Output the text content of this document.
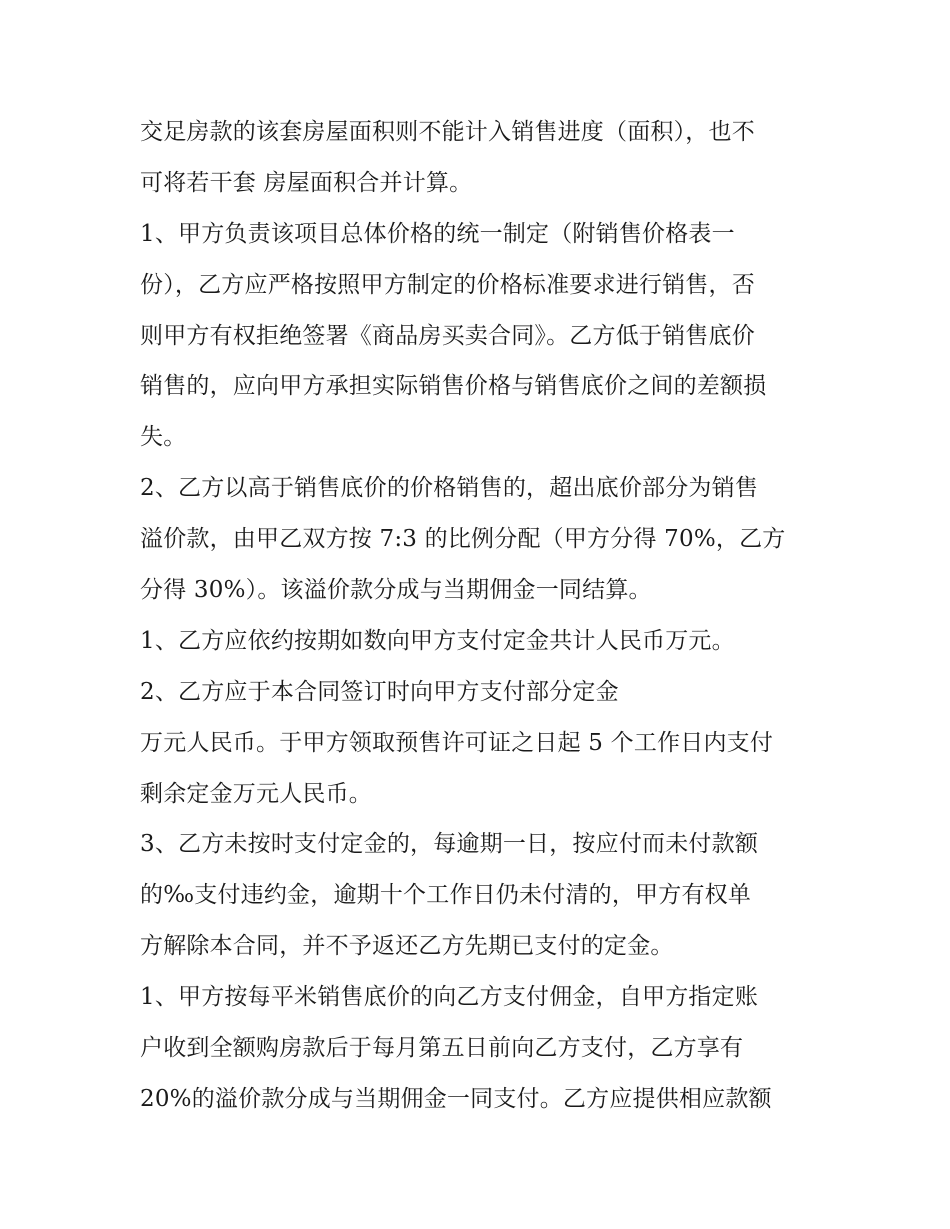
交足房款的该套房屋面积则不能计入销售进度（面积），也不
可将若干套 房屋面积合并计算。
1、甲方负责该项目总体价格的统一制定（附销售价格表一
份），乙方应严格按照甲方制定的价格标准要求进行销售，否
则甲方有权拒绝签署《商品房买卖合同》。乙方低于销售底价
销售的，应向甲方承担实际销售价格与销售底价之间的差额损
失。
2、乙方以高于销售底价的价格销售的，超出底价部分为销售
溢价款，由甲乙双方按 7:3 的比例分配（甲方分得 70%，乙方
分得 30%）。该溢价款分成与当期佣金一同结算。
1、乙方应依约按期如数向甲方支付定金共计人民币万元。
2、乙方应于本合同签订时向甲方支付部分定金
万元人民币。于甲方领取预售许可证之日起 5 个工作日内支付
剩余定金万元人民币。
3、乙方未按时支付定金的，每逾期一日，按应付而未付款额
的‰支付违约金，逾期十个工作日仍未付清的，甲方有权单
方解除本合同，并不予返还乙方先期已支付的定金。
1、甲方按每平米销售底价的向乙方支付佣金，自甲方指定账
户收到全额购房款后于每月第五日前向乙方支付，乙方享有
20%的溢价款分成与当期佣金一同支付。乙方应提供相应款额
